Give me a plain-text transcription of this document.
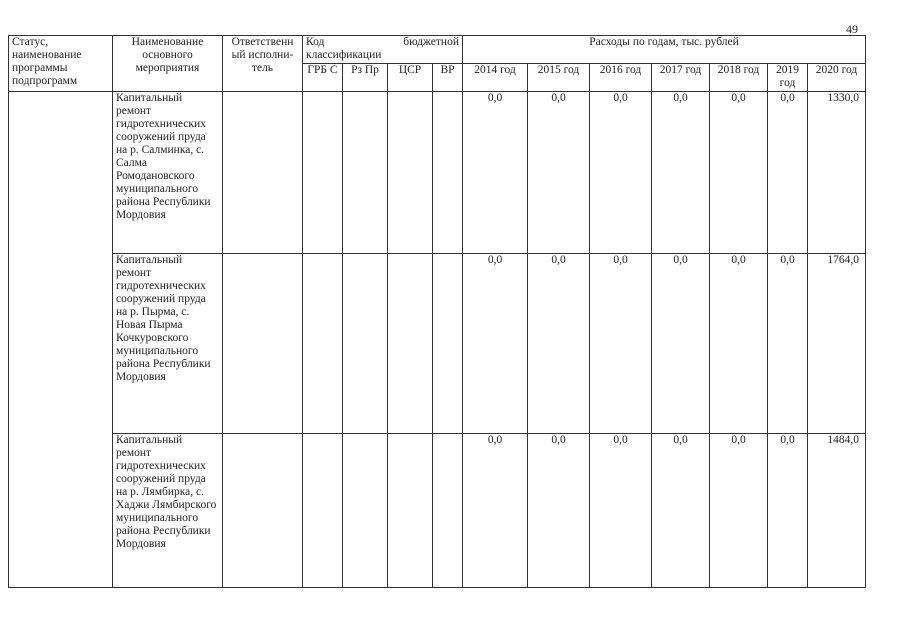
49
Статус, наименование программы подпрограмм	Наименование основного мероприятия	Ответственн ый исполни- тель	Код бюджетной
классификации				Расходы по годам, тыс. рублей						
			ГРБ С	Рз Пр	ЦСР	ВР	2014 год	2015 год	2016 год	2017 год	2018 год	2019 год	2020 год
	Капитальный ремонт гидротехнических сооружений пруда на р. Салминка, с. Салма Ромодановского муниципального района Республики Мордовия						0,0	0,0	0,0	0,0	0,0	0,0	1330,0
	Капитальный ремонт гидротехнических сооружений пруда на р. Пырма, с. Новая Пырма Кочкуровского муниципального района Республики Мордовия						0,0	0,0	0,0	0,0	0,0	0,0	1764,0
	Капитальный ремонт гидротехнических сооружений пруда на р. Лямбирка, с. Хаджи Лямбирского муниципального района Республики Мордовия						0,0	0,0	0,0	0,0	0,0	0,0	1484,0
